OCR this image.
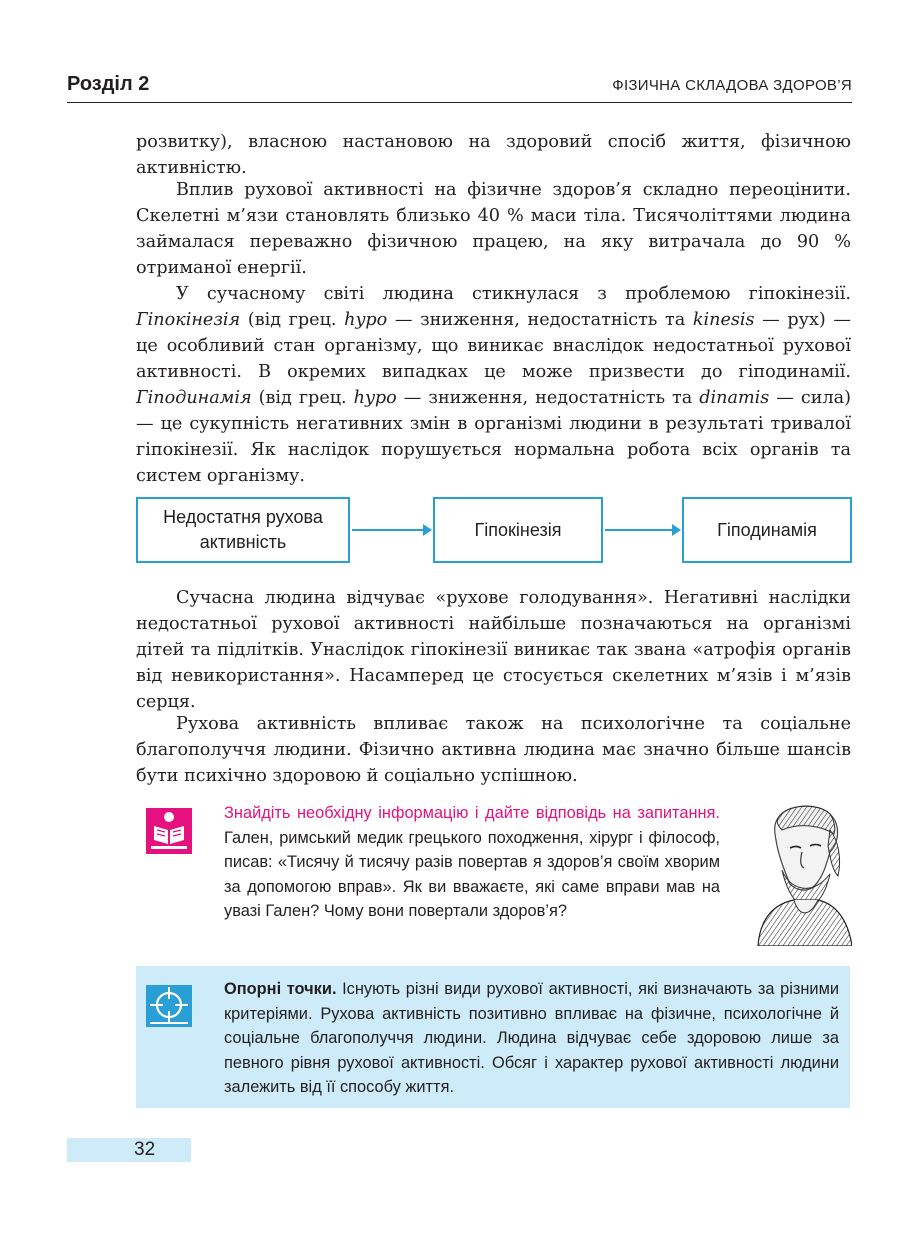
Розділ 2	ФІЗИЧНА СКЛАДОВА ЗДОРОВ’Я

розвитку), власною настановою на здоровий спосіб життя, фізичною активністю.

Вплив рухової активності на фізичне здоров’я складно переоцінити. Скелетні м’язи становлять близько 40 % маси тіла. Тисячоліттями людина займалася переважно фізичною працею, на яку витрачала до 90 % отриманої енергії.

У сучасному світі людина стикнулася з проблемою гіпокінезії. Гіпокінезія (від грец. hypo — зниження, недостатність та kinesis — рух) — це особливий стан організму, що виникає внаслідок недостатньої рухової активності. В окремих випадках це може призвести до гіподинамії. Гіподинамія (від грец. hypo — зниження, недостатність та dinamis — сила) — це сукупність негативних змін в організмі людини в результаті тривалої гіпокінезії. Як наслідок порушується нормальна робота всіх органів та систем організму.

Недостатня рухова
активність
Гіпокінезія	Гіподинамія

Сучасна людина відчуває «рухове голодування». Негативні наслідки недостатньої рухової активності найбільше позначаються на організмі дітей та підлітків. Унаслідок гіпокінезії виникає так звана «атрофія органів від невикористання». Насамперед це стосується скелетних м’язів і м’язів серця.

Рухова активність впливає також на психологічне та соціальне благополуччя людини. Фізично активна людина має значно більше шансів бути психічно здоровою й соціально успішною.

Знайдіть необхідну інформацію і дайте відповідь на запитання. Гален, римський медик грецького походження, хірург і філософ, писав: «Тисячу й тисячу разів повертав я здоров’я своїм хворим за допомогою вправ». Як ви вважаєте, які саме вправи мав на увазі Гален? Чому вони повертали здоров’я?

Опорні точки. Існують різні види рухової активності, які визначають за різними критеріями. Рухова активність позитивно впливає на фізичне, психологічне й соціальне благополуччя людини. Людина відчуває себе здоровою лише за певного рівня рухової активності. Обсяг і характер рухової активності людини залежить від її способу життя.

32
